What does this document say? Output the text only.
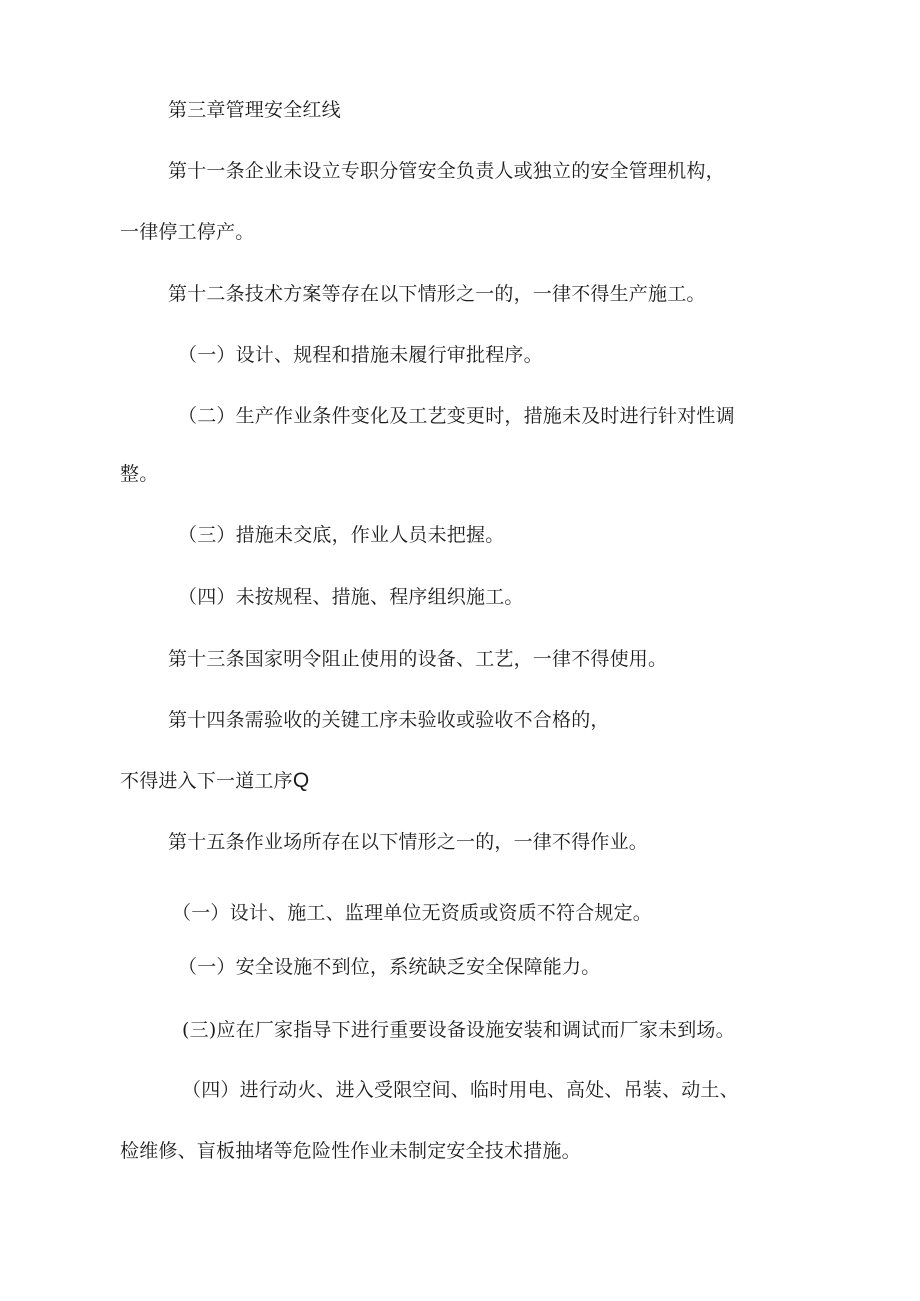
第三章管理安全红线
第十一条企业未设立专职分管安全负责人或独立的安全管理机构，
一律停工停产。
第十二条技术方案等存在以下情形之一的，一律不得生产施工。
（一）设计、规程和措施未履行审批程序。
（二）生产作业条件变化及工艺变更时，措施未及时进行针对性调
整。
（三）措施未交底，作业人员未把握。
（四）未按规程、措施、程序组织施工。
第十三条国家明令阻止使用的设备、工艺，一律不得使用。
第十四条需验收的关键工序未验收或验收不合格的，
不得进入下一道工序Q
第十五条作业场所存在以下情形之一的，一律不得作业。
（一）设计、施工、监理单位无资质或资质不符合规定。
（一）安全设施不到位，系统缺乏安全保障能力。
(三)应在厂家指导下进行重要设备设施安装和调试而厂家未到场。
（四）进行动火、进入受限空间、临时用电、高处、吊装、动土、
检维修、盲板抽堵等危险性作业未制定安全技术措施。
